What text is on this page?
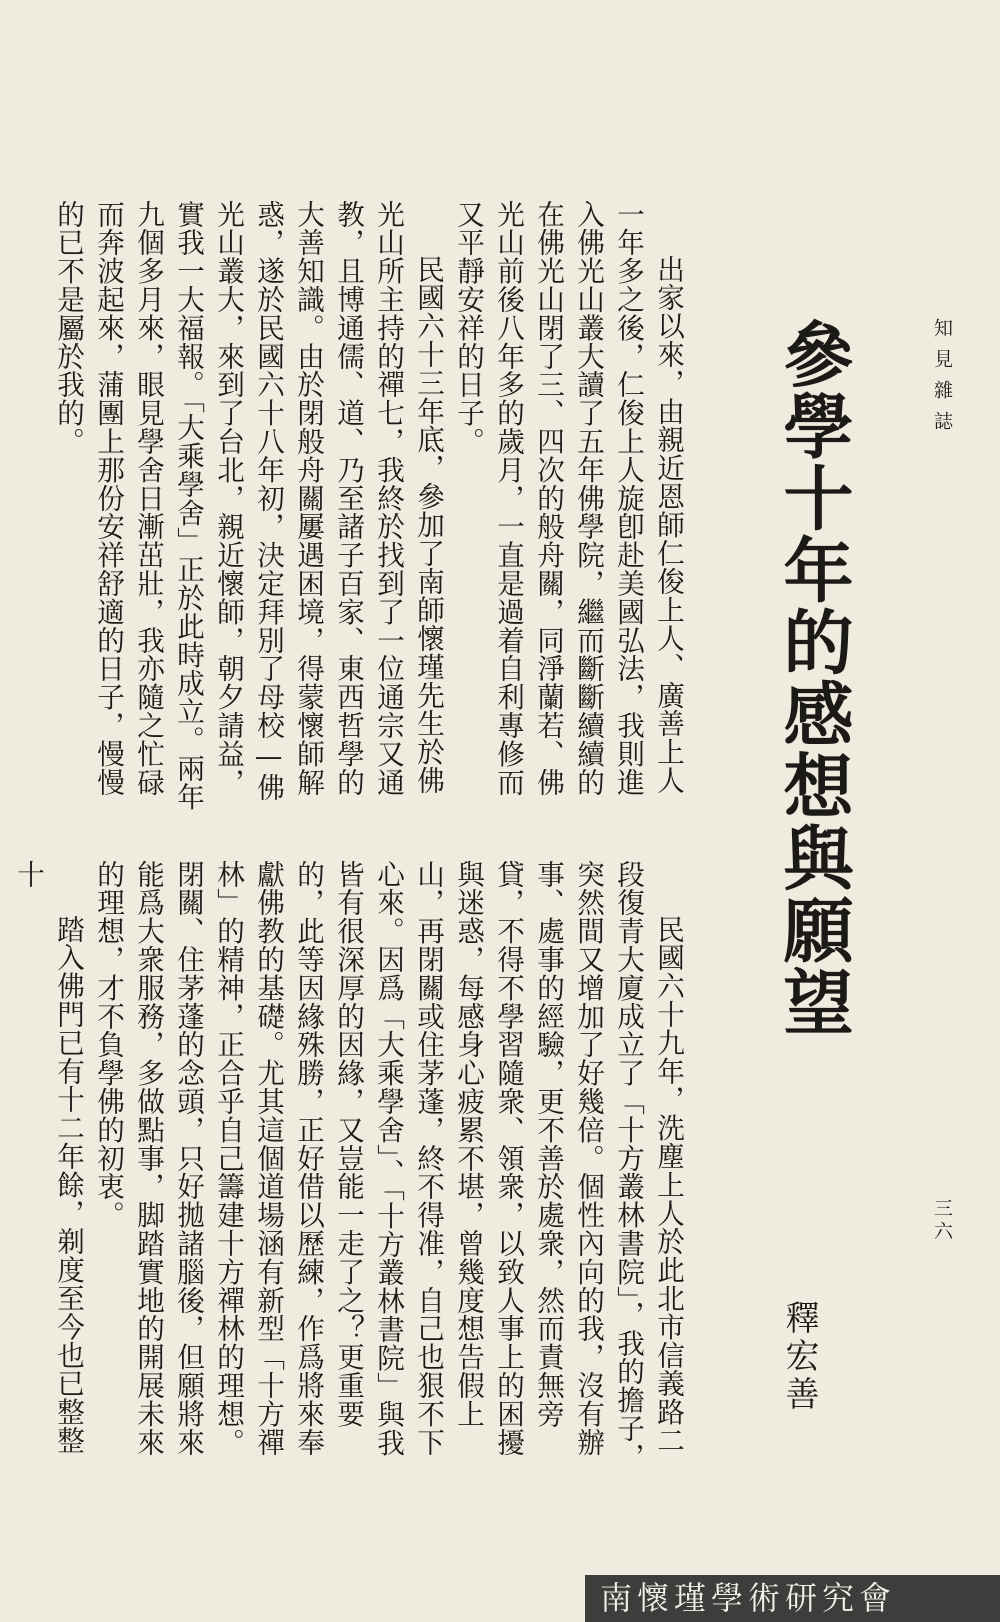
知見雜誌
三六
參學十年的感想與願望
釋宏善

出家以來，由親近恩師仁俊上人、廣善上人一年多之後，仁俊上人旋卽赴美國弘法，我則進入佛光山叢大讀了五年佛學院，繼而斷斷續續的在佛光山閉了三、四次的般舟關，同淨蘭若、佛光山前後八年多的歲月，一直是過着自利專修而又平靜安祥的日子。

民國六十三年底，參加了南師懷瑾先生於佛光山所主持的禪七，我終於找到了一位通宗又通教，且博通儒、道、乃至諸子百家、東西哲學的大善知識。由於閉般舟關屢遇困境，得蒙懷師解惑，遂於民國六十八年初，決定拜別了母校—佛光山叢大，來到了台北，親近懷師，朝夕請益，實我一大福報。「大乘學舍」正於此時成立。兩年九個多月來，眼見學舍日漸茁壯，我亦隨之忙碌而奔波起來，蒲團上那份安祥舒適的日子，慢慢的已不是屬於我的。

民國六十九年，洗塵上人於此北市信義路二段復青大廈成立了「十方叢林書院」，我的擔子，突然間又增加了好幾倍。個性內向的我，沒有辦事、處事的經驗，更不善於處衆，然而責無旁貸，不得不學習隨衆、領衆，以致人事上的困擾與迷惑，每感身心疲累不堪，曾幾度想告假上山，再閉關或住茅蓬，終不得准，自己也狠不下心來。因爲「大乘學舍」、「十方叢林書院」與我皆有很深厚的因緣，又豈能一走了之？更重要的，此等因緣殊勝，正好借以歷練，作爲將來奉獻佛教的基礎。尤其這個道場涵有新型「十方禪林」的精神，正合乎自己籌建十方禪林的理想。閉關、住茅蓬的念頭，只好拋諸腦後，但願將來能爲大衆服務，多做點事，脚踏實地的開展未來的理想，才不負學佛的初衷。

踏入佛門已有十二年餘，剃度至今也已整整十

南懷瑾學術研究會
